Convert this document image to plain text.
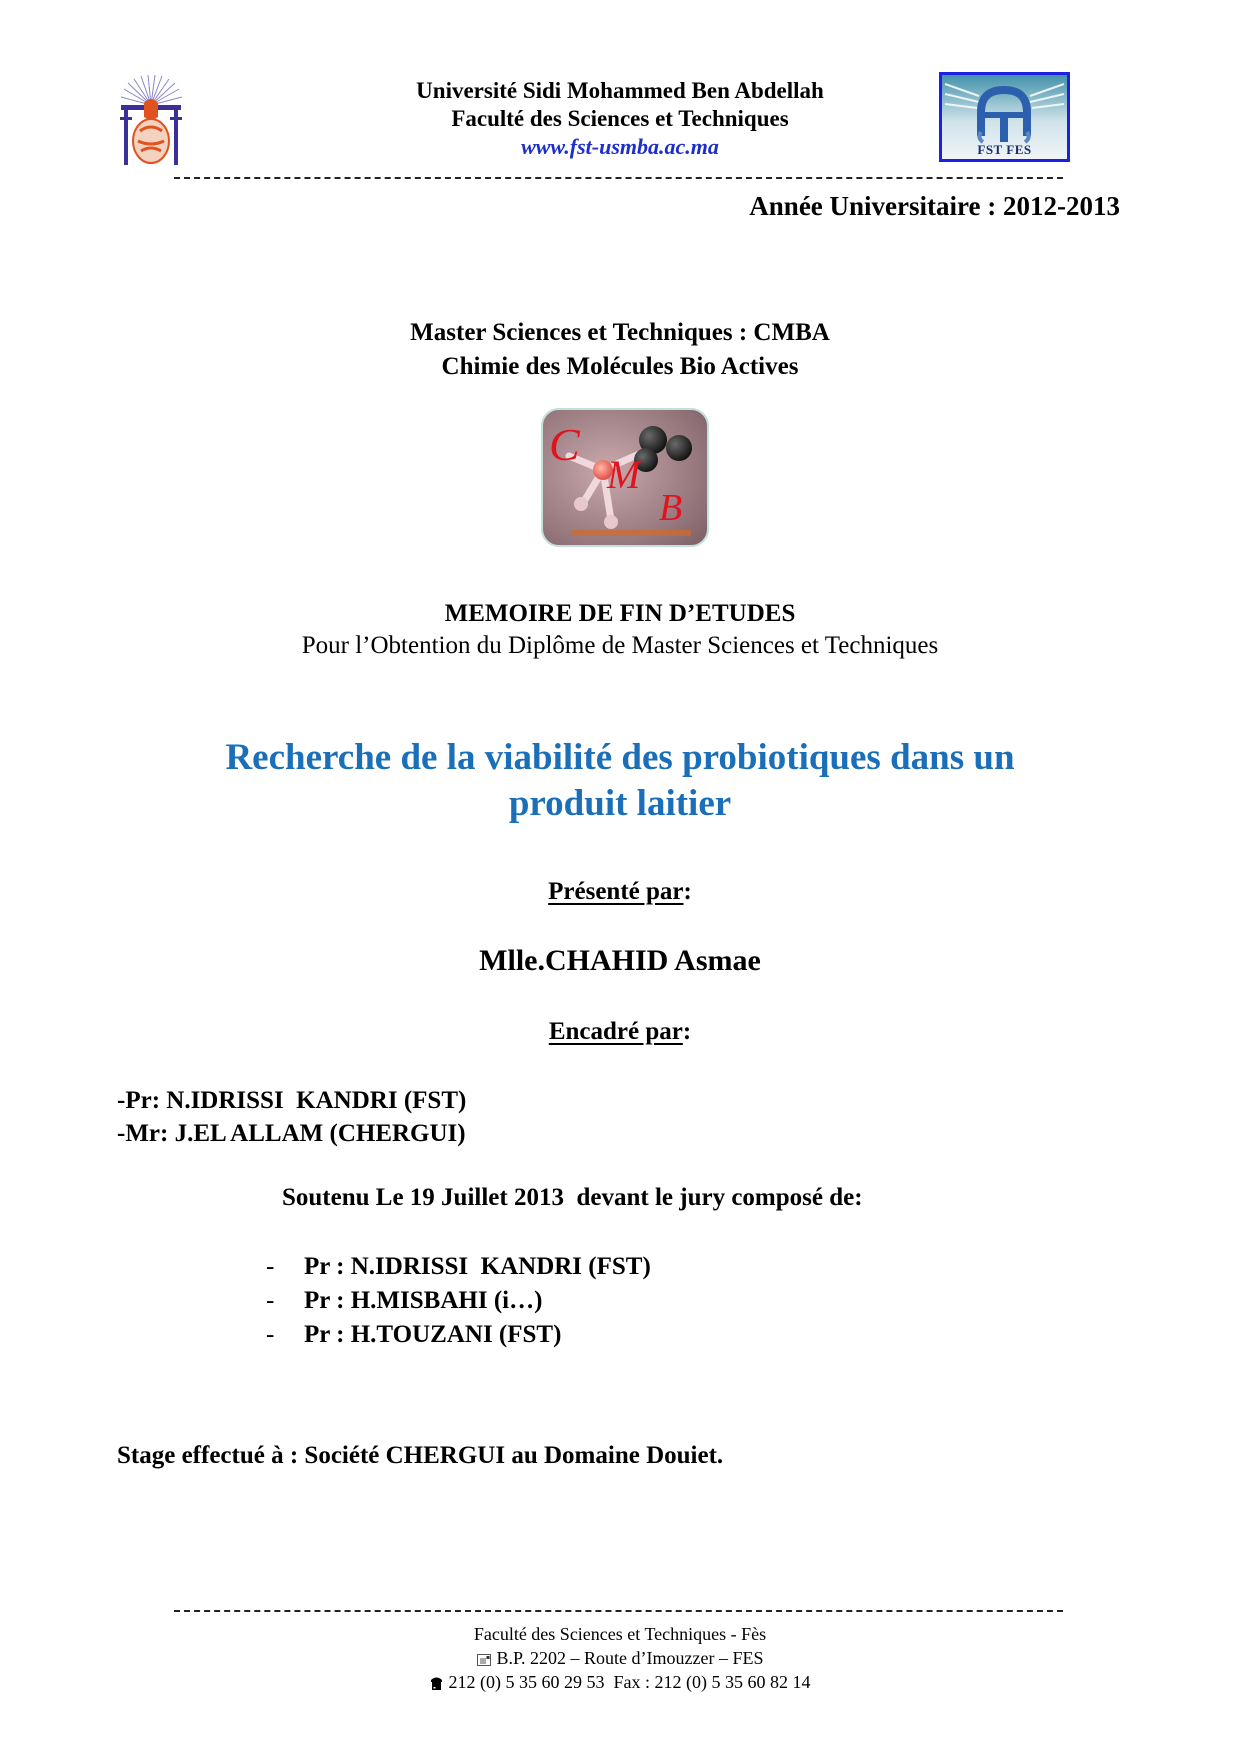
Université Sidi Mohammed Ben Abdellah
Faculté des Sciences et Techniques
www.fst-usmba.ac.ma	FST FES
Année Universitaire : 2012-2013
Master Sciences et Techniques : CMBA
Chimie des Molécules Bio Actives
C
M
B
MEMOIRE DE FIN D’ETUDES
Pour l’Obtention du Diplôme de Master Sciences et Techniques
Recherche de la viabilité des probiotiques dans un
produit laitier
Présenté par:
Mlle.CHAHID Asmae
Encadré par:
-Pr: N.IDRISSI  KANDRI (FST)
-Mr: J.EL ALLAM (CHERGUI)
Soutenu Le 19 Juillet 2013  devant le jury composé de:
-	Pr : N.IDRISSI  KANDRI (FST)
-	Pr : H.MISBAHI (i…)
-	Pr : H.TOUZANI (FST)
Stage effectué à : Société CHERGUI au Domaine Douiet.
Faculté des Sciences et Techniques - Fès
B.P. 2202 – Route d’Imouzzer – FES
212 (0) 5 35 60 29 53  Fax : 212 (0) 5 35 60 82 14
